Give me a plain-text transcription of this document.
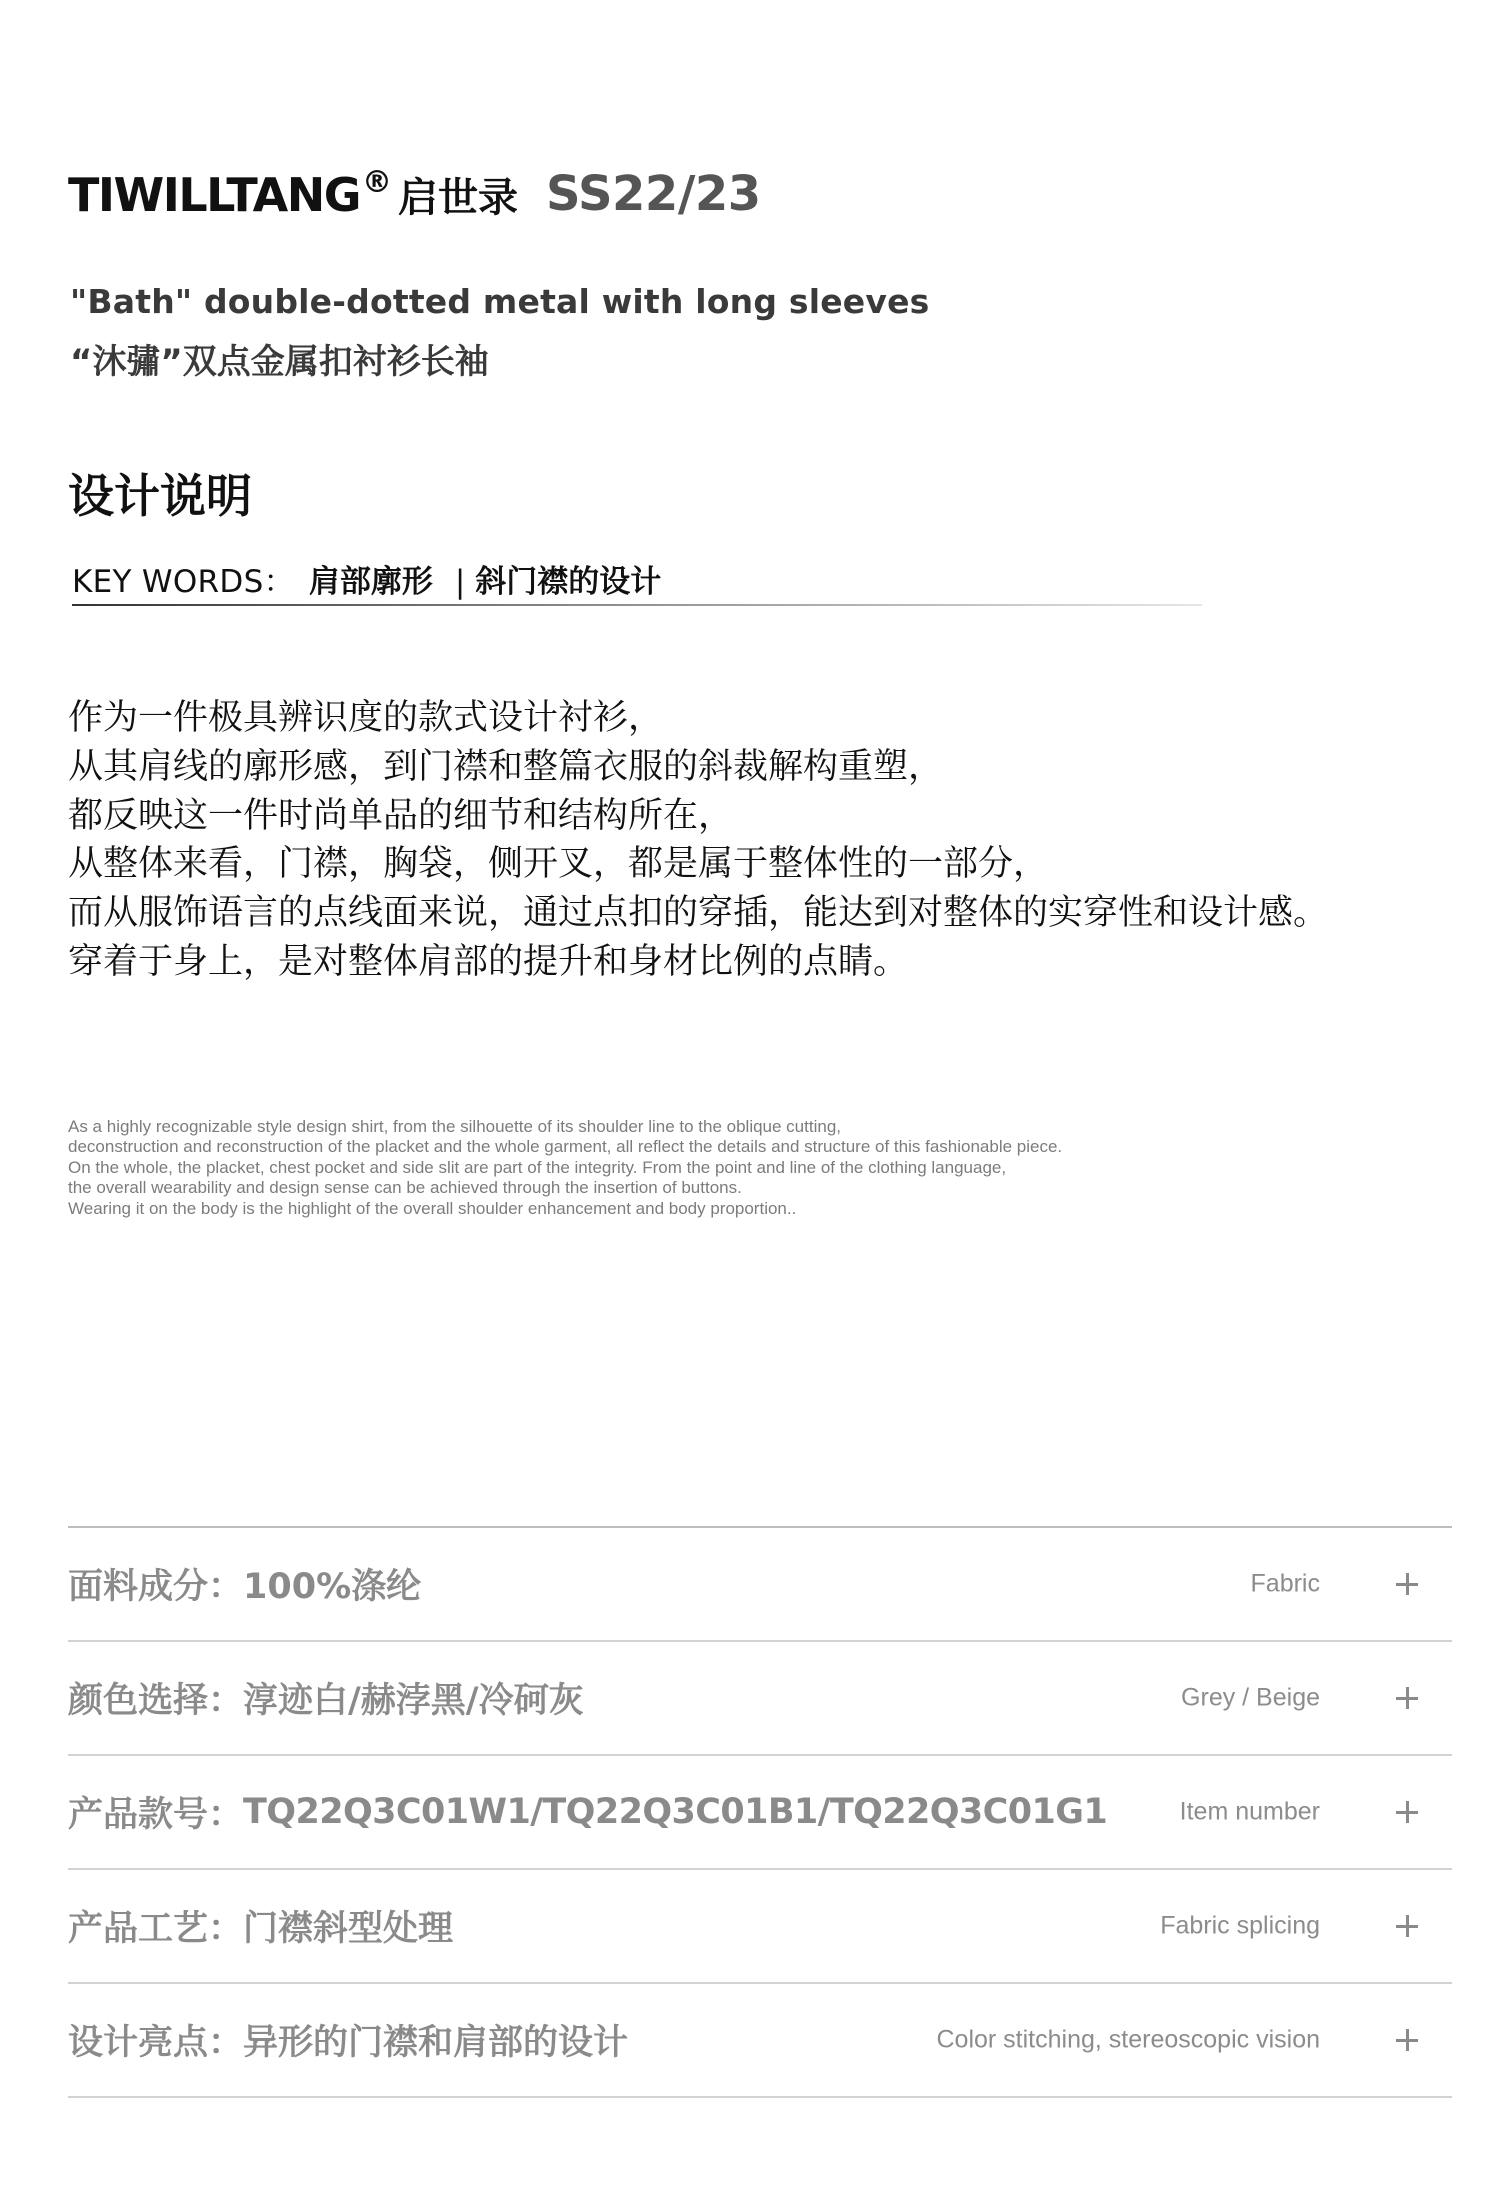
TIWILLTANG ® 启世录 SS22/23
"Bath" double-dotted metal with long sleeves
“沐彇”双点金属扣衬衫长袖
设计说明
KEY WORDS： 肩部廓形 | 斜门襟的设计
作为一件极具辨识度的款式设计衬衫，
从其肩线的廓形感，到门襟和整篇衣服的斜裁解构重塑，
都反映这一件时尚单品的细节和结构所在，
从整体来看，门襟，胸袋，侧开叉，都是属于整体性的一部分，
而从服饰语言的点线面来说，通过点扣的穿插，能达到对整体的实穿性和设计感。
穿着于身上，是对整体肩部的提升和身材比例的点睛。
As a highly recognizable style design shirt, from the silhouette of its shoulder line to the oblique cutting,
deconstruction and reconstruction of the placket and the whole garment, all reflect the details and structure of this fashionable piece.
On the whole, the placket, chest pocket and side slit are part of the integrity. From the point and line of the clothing language,
the overall wearability and design sense can be achieved through the insertion of buttons.
Wearing it on the body is the highlight of the overall shoulder enhancement and body proportion..
面料成分： 100%涤纶	Fabric
颜色选择： 淳迹白/赫浡黑/冷砢灰	Grey / Beige
产品款号： TQ22Q3C01W1/TQ22Q3C01B1/TQ22Q3C01G1	Item number
产品工艺： 门襟斜型处理	Fabric splicing
设计亮点： 异形的门襟和肩部的设计	Color stitching, stereoscopic vision
